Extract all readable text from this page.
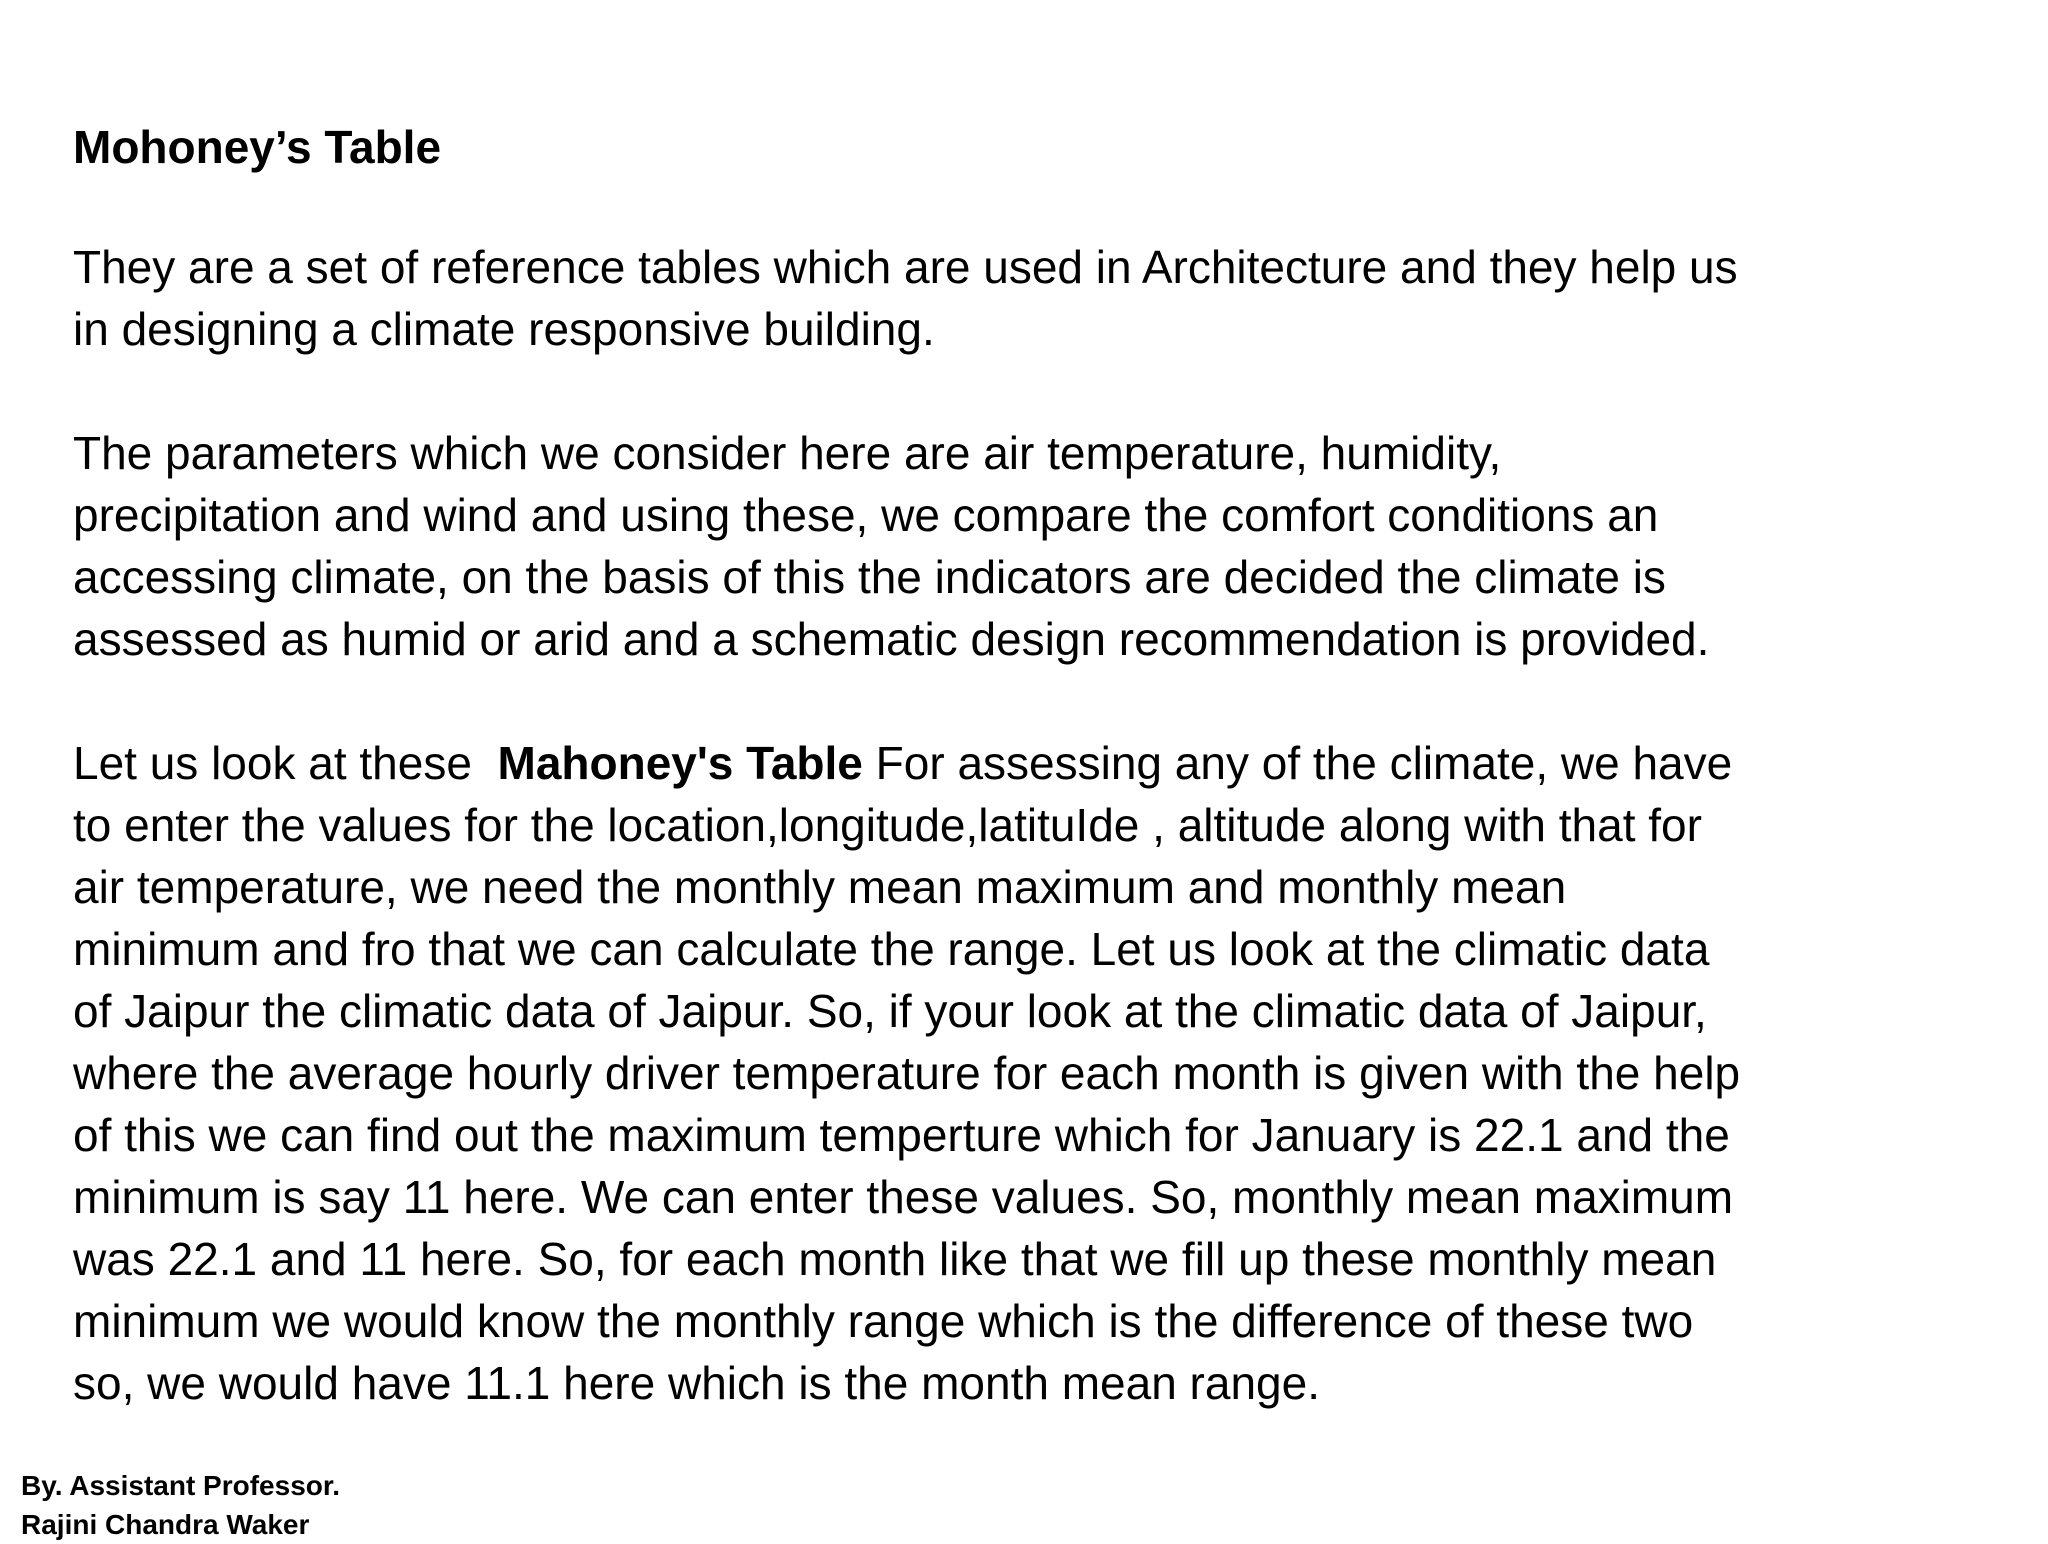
Mohoney’s Table
They are a set of reference tables which are used in Architecture and they help us
in designing a climate responsive building.
The parameters which we consider here are air temperature, humidity,
precipitation and wind and using these, we compare the comfort conditions an
accessing climate, on the basis of this the indicators are decided the climate is
assessed as humid or arid and a schematic design recommendation is provided.
Let us look at these  Mahoney's Table For assessing any of the climate, we have
to enter the values for the location,longitude,latituIde , altitude along with that for
air temperature, we need the monthly mean maximum and monthly mean
minimum and fro that we can calculate the range. Let us look at the climatic data
of Jaipur the climatic data of Jaipur. So, if your look at the climatic data of Jaipur,
where the average hourly driver temperature for each month is given with the help
of this we can find out the maximum temperture which for January is 22.1 and the
minimum is say 11 here. We can enter these values. So, monthly mean maximum
was 22.1 and 11 here. So, for each month like that we fill up these monthly mean
minimum we would know the monthly range which is the difference of these two
so, we would have 11.1 here which is the month mean range.
By. Assistant Professor.
Rajini Chandra Waker
